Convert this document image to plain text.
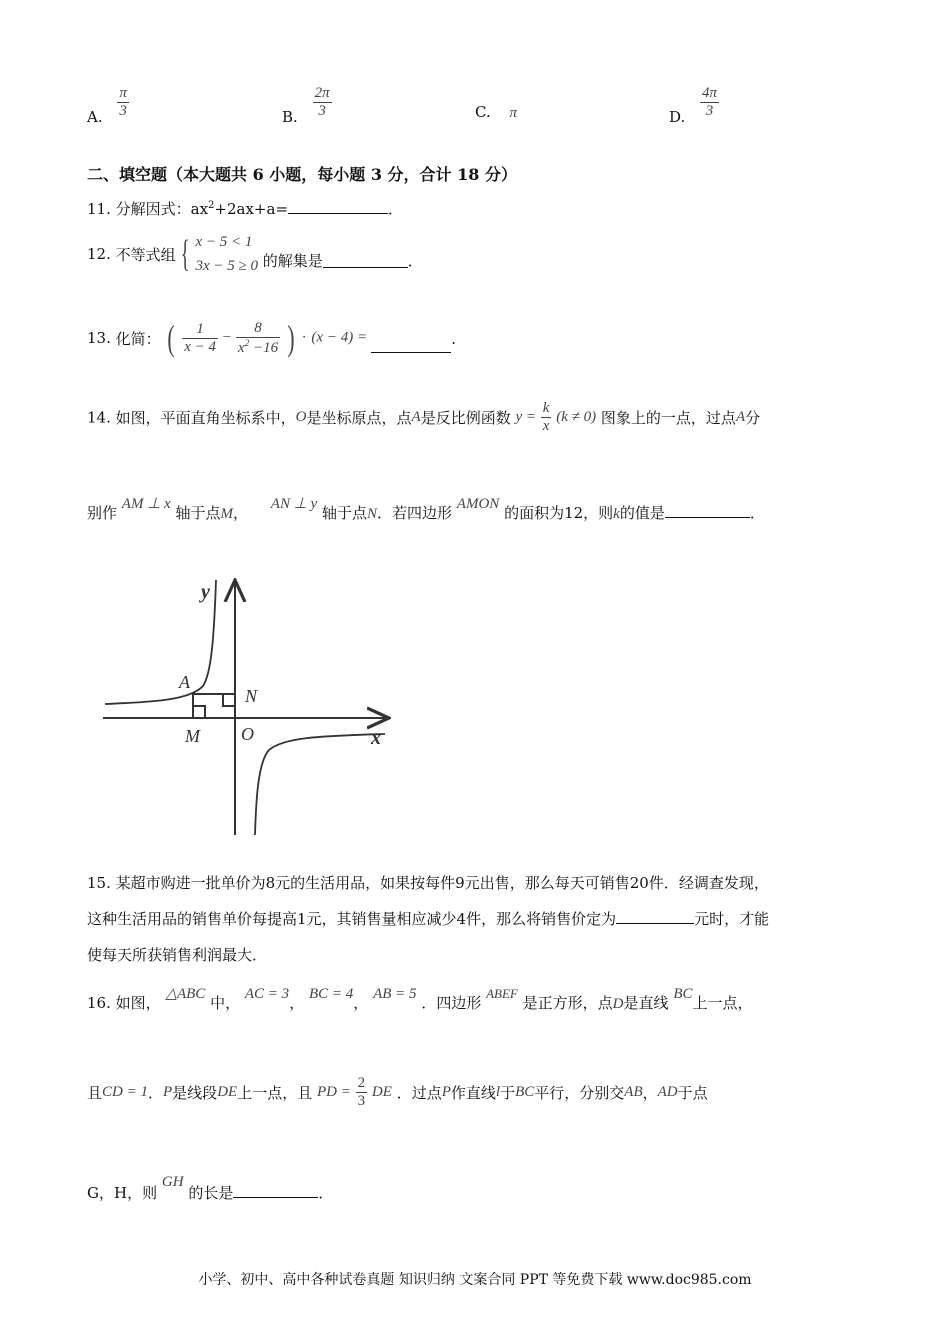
A. $\frac{\pi}{3}$	B. $\frac{2\pi}{3}$	C. π	D. $\frac{4\pi}{3}$
二、填空题（本大题共 6 小题，每小题 3 分，合计 18 分）
11. 分解因式：$ax^2+2ax+a=$	．
12. 不等式组 { x − 5 < 1
3x − 5 ≥ 0 的解集是	．
13. 化简： ( $\frac{1}{x - 4} - \frac{8}{x^2 -16}$ ) · (x − 4) =	．
14. 如图，平面直角坐标系中，O是坐标原点，点A是反比例函数 $y = \frac{k}{x} (k \ne 0)$ 图象上的一点，过点A分
别作 AM ⊥ x 轴于点M， AN ⊥ y 轴于点N．若四边形 AMON 的面积为12，则k的值是	．
y
x
A
N
M O
15. 某超市购进一批单价为8元的生活用品，如果按每件9元出售，那么每天可销售20件．经调查发现，
这种生活用品的销售单价每提高1元，其销售量相应减少4件，那么将销售价定为	元时，才能
使每天所获销售利润最大．
16. 如图， △ABC 中， AC = 3， BC = 4， AB = 5 ．四边形 ABEF 是正方形，点D是直线 BC上一点，
且CD = 1．P是线段DE上一点，且 PD = $\frac{2}{3}$ DE ．过点P作直线l于BC平行，分别交AB，AD于点
G，H，则 GH 的长是	．
小学、初中、高中各种试卷真题 知识归纳 文案合同 PPT 等免费下载 www.doc985.com
